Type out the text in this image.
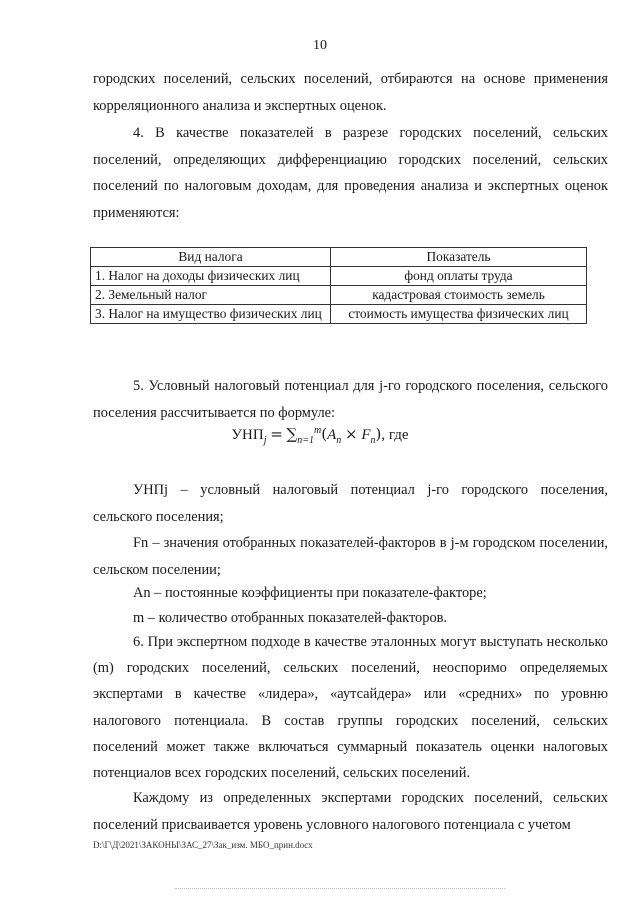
10

городских поселений, сельских поселений, отбираются на основе применения корреляционного анализа и экспертных оценок.

4. В качестве показателей в разрезе городских поселений, сельских поселений, определяющих дифференциацию городских поселений, сельских поселений по налоговым доходам, для проведения анализа и экспертных оценок применяются:

Вид налога	Показатель
1. Налог на доходы физических лиц	фонд оплаты труда
2. Земельный налог	кадастровая стоимость земель
3. Налог на имущество физических лиц	стоимость имущества физических лиц

5. Условный налоговый потенциал для j-го городского поселения, сельского поселения рассчитывается по формуле:

$УНП_j = \sum_{n=1}^m(A_n \times F_n)$, где

УНПj – условный налоговый потенциал j-го городского поселения, сельского поселения;

Fn – значения отобранных показателей-факторов в j-м городском поселении, сельском поселении;

An – постоянные коэффициенты при показателе-факторе;

m – количество отобранных показателей-факторов.

6. При экспертном подходе в качестве эталонных могут выступать несколько (m) городских поселений, сельских поселений, неоспоримо определяемых экспертами в качестве «лидера», «аутсайдера» или «средних» по уровню налогового потенциала. В состав группы городских поселений, сельских поселений может также включаться суммарный показатель оценки налоговых потенциалов всех городских поселений, сельских поселений.

Каждому из определенных экспертами городских поселений, сельских поселений присваивается уровень условного налогового потенциала с учетом

D:\Г\Д\2021\ЗАКОНЫ\ЗАС_27\Зак_изм. МБО_прин.docx
